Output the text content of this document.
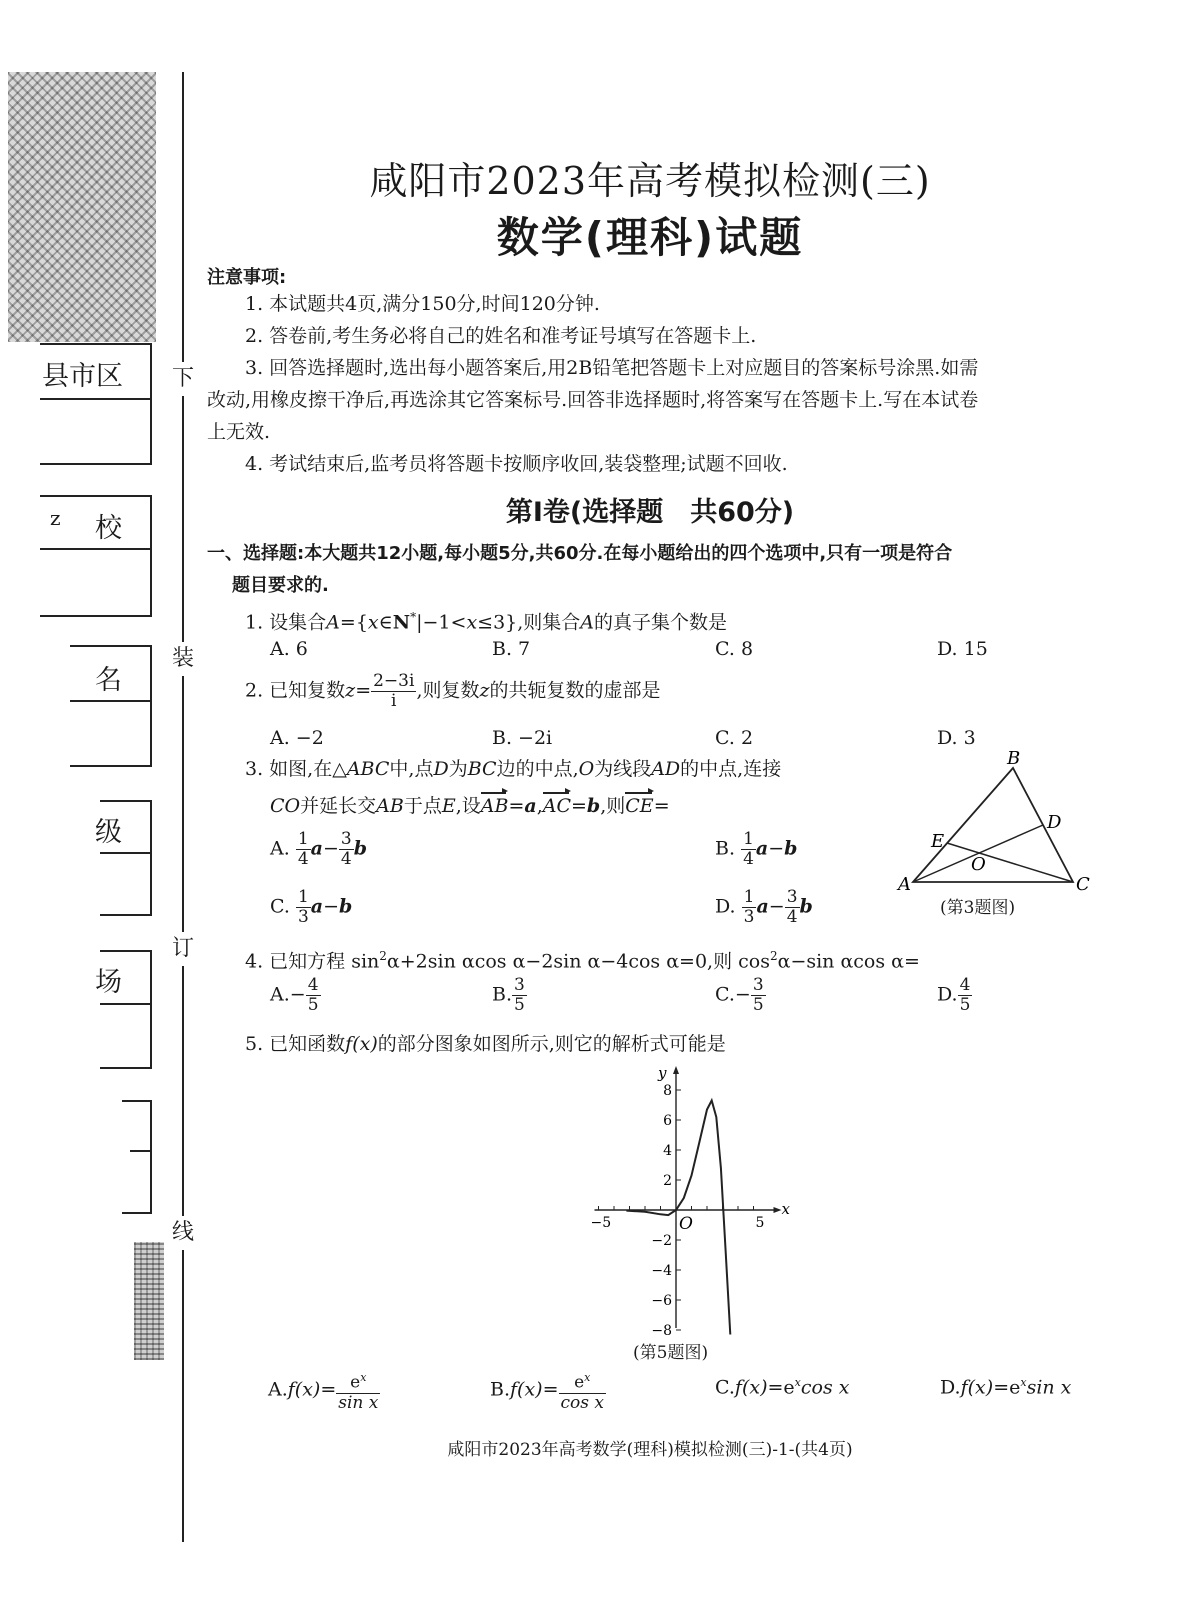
下
装
订
线
县市区
z 校
名
级
场
咸阳市2023年高考模拟检测(三)
数学(理科)试题
注意事项:
1. 本试题共4页,满分150分,时间120分钟.
2. 答卷前,考生务必将自己的姓名和准考证号填写在答题卡上.
3. 回答选择题时,选出每小题答案后,用2B铅笔把答题卡上对应题目的答案标号涂黑.如需
改动,用橡皮擦干净后,再选涂其它答案标号.回答非选择题时,将答案写在答题卡上.写在本试卷
上无效.
4. 考试结束后,监考员将答题卡按顺序收回,装袋整理;试题不回收.
第Ⅰ卷(选择题　共60分)
一、选择题:本大题共12小题,每小题5分,共60分.在每小题给出的四个选项中,只有一项是符合
题目要求的.
1. 设集合A={x∈N*|−1<x≤3},则集合A的真子集个数是
A. 6	B. 7	C. 8	D. 15
2. 已知复数$z= \frac{2-3i}{i}$ ,则复数z的共轭复数的虚部是
A. −2	B. −2i	C. 2	D. 3
3. 如图,在△ABC中,点D为BC边的中点,O为线段AD的中点,连接
CO并延长交AB于点E,设AB=a,AC=b,则CE=
A. $\frac{1}{4} a- \frac{3}{4}$ b	B. $\frac{1}{4} a-b$
C. $\frac{1}{3} a-b$	D. $\frac{1}{3} a- \frac{3}{4}$ b
A
B
C
D
E
O
(第3题图)
4. 已知方程 $\sin^2\alpha+2\sin$ αcos α−2sin α−4cos α=0,则 $\cos^2\alpha-\sin$ αcos α=
$A.- \frac{4}{5}$	B. $\frac{3}{5}$	$C.- \frac{3}{5}$	D. $\frac{4}{5}$
5. 已知函数f(x)的部分图象如图所示,则它的解析式可能是
8
6
4
2
−2
−4
−6
−8
−5	5
y
x
O
(第5题图)
$A.f(x)= \frac{e^x}{\text{sin x}}$	$B.f(x)= \frac{e^x}{\text{cos x}}$	$C.f(x)=e^x\cos$ x	$D.f(x)=e^x\sin$ x
咸阳市2023年高考数学(理科)模拟检测(三)-1-(共4页)
